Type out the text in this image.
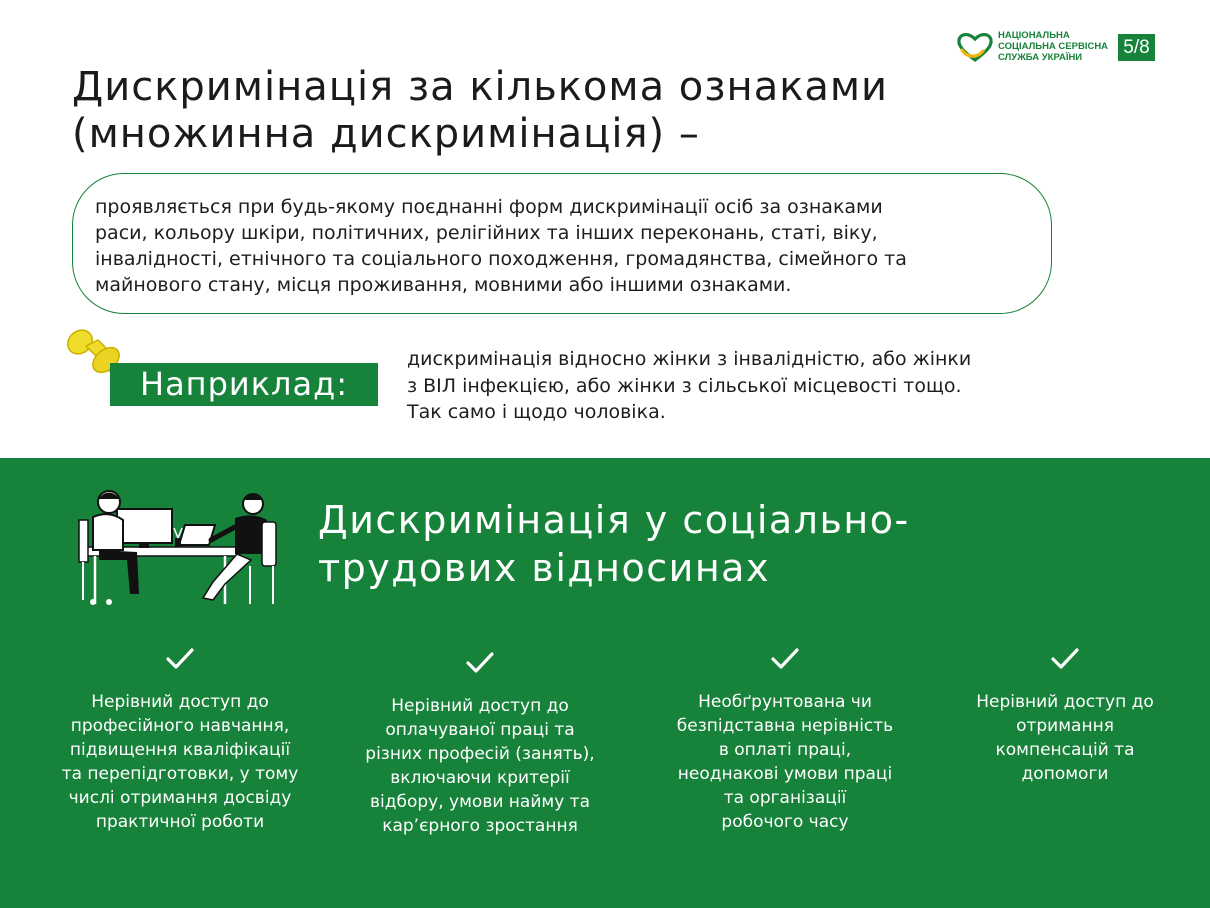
НАЦІОНАЛЬНА
СОЦІАЛЬНА СЕРВІСНА
СЛУЖБА УКРАЇНИ	5/8
Дискримінація за кількома ознаками
(множинна дискримінація) –
проявляється при будь-якому поєднанні форм дискримінації осіб за ознаками
раси, кольору шкіри, політичних, релігійних та інших переконань, статі, віку,
інвалідності, етнічного та соціального походження, громадянства, сімейного та
майнового стану, місця проживання, мовними або іншими ознаками.
Наприклад:
дискримінація відносно жінки з інвалідністю, або жінки
з ВІЛ інфекцією, або жінки з сільської місцевості тощо.
Так само і щодо чоловіка.
Дискримінація у соціально-
трудових відносинах
Нерівний доступ до
професійного навчання,
підвищення кваліфікації
та перепідготовки, у тому
числі отримання досвіду
практичної роботи
Нерівний доступ до
оплачуваної праці та
різних професій (занять),
включаючи критерії
відбору, умови найму та
кар’єрного зростання
Необґрунтована чи
безпідставна нерівність
в оплаті праці,
неоднакові умови праці
та організації
робочого часу
Нерівний доступ до
отримання
компенсацій та
допомоги
